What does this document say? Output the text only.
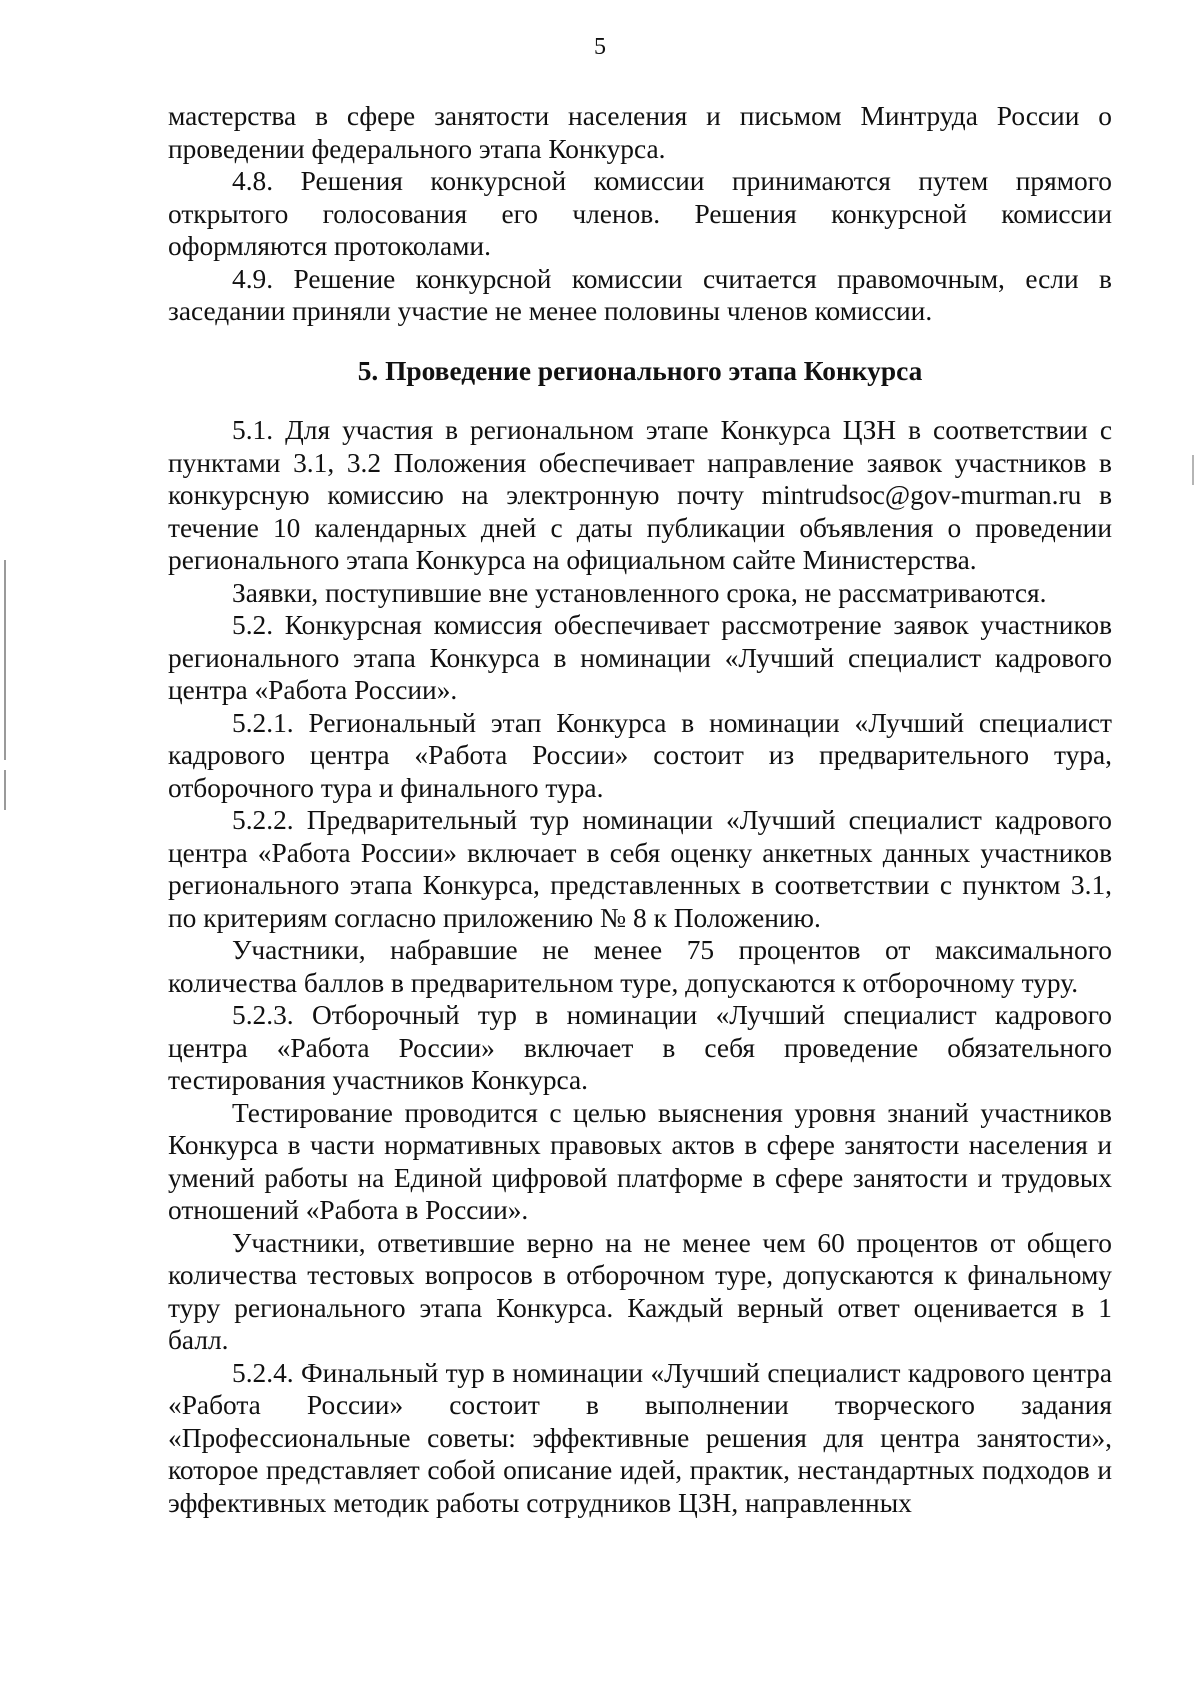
5

мастерства в сфере занятости населения и письмом Минтруда России о проведении федерального этапа Конкурса.

4.8. Решения конкурсной комиссии принимаются путем прямого открытого голосования его членов. Решения конкурсной комиссии оформляются протоколами.

4.9. Решение конкурсной комиссии считается правомочным, если в заседании приняли участие не менее половины членов комиссии.

5. Проведение регионального этапа Конкурса

5.1. Для участия в региональном этапе Конкурса ЦЗН в соответствии с пунктами 3.1, 3.2 Положения обеспечивает направление заявок участников в конкурсную комиссию на электронную почту mintrudsoc@gov-murman.ru в течение 10 календарных дней с даты публикации объявления о проведении регионального этапа Конкурса на официальном сайте Министерства.

Заявки, поступившие вне установленного срока, не рассматриваются.

5.2. Конкурсная комиссия обеспечивает рассмотрение заявок участников регионального этапа Конкурса в номинации «Лучший специалист кадрового центра «Работа России».

5.2.1. Региональный этап Конкурса в номинации «Лучший специалист кадрового центра «Работа России» состоит из предварительного тура, отборочного тура и финального тура.

5.2.2. Предварительный тур номинации «Лучший специалист кадрового центра «Работа России» включает в себя оценку анкетных данных участников регионального этапа Конкурса, представленных в соответствии с пунктом 3.1, по критериям согласно приложению № 8 к Положению.

Участники, набравшие не менее 75 процентов от максимального количества баллов в предварительном туре, допускаются к отборочному туру.

5.2.3. Отборочный тур в номинации «Лучший специалист кадрового центра «Работа России» включает в себя проведение обязательного тестирования участников Конкурса.

Тестирование проводится с целью выяснения уровня знаний участников Конкурса в части нормативных правовых актов в сфере занятости населения и умений работы на Единой цифровой платформе в сфере занятости и трудовых отношений «Работа в России».

Участники, ответившие верно на не менее чем 60 процентов от общего количества тестовых вопросов в отборочном туре, допускаются к финальному туру регионального этапа Конкурса. Каждый верный ответ оценивается в 1 балл.

5.2.4. Финальный тур в номинации «Лучший специалист кадрового центра «Работа России» состоит в выполнении творческого задания «Профессиональные советы: эффективные решения для центра занятости», которое представляет собой описание идей, практик, нестандартных подходов и эффективных методик работы сотрудников ЦЗН, направленных
